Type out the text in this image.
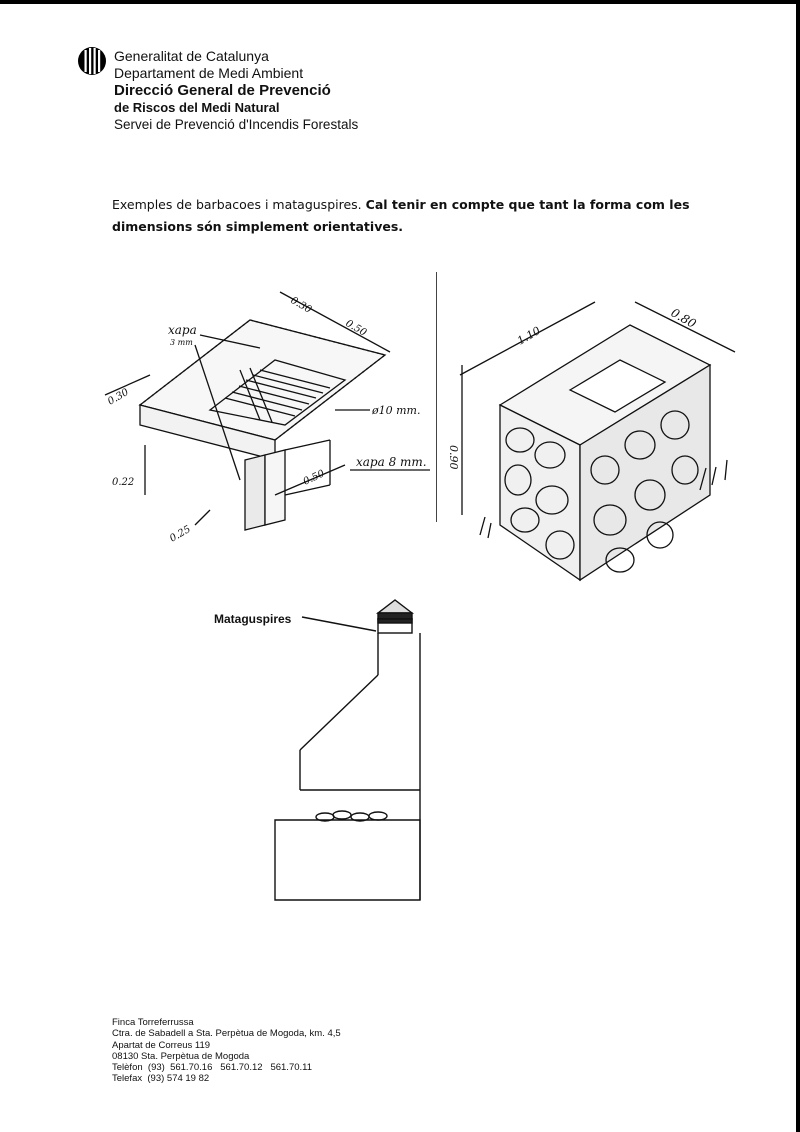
Generalitat de Catalunya
Departament de Medi Ambient
Direcció General de Prevenció
de Riscos del Medi Natural
Servei de Prevenció d'Incendis Forestals
Exemples de barbacoes i mataguspires. Cal tenir en compte que tant la forma com les dimensions són simplement orientatives.
xapa
3 mm
ø10 mm.
xapa 8 mm.
0.30
0.50
0.30
0.22	0.50
0.25
1.10
0.80
0.90
Mataguspires
Finca Torreferrussa
Ctra. de Sabadell a Sta. Perpètua de Mogoda, km. 4,5
Apartat de Correus 119
08130 Sta. Perpètua de Mogoda
Telèfon  (93)  561.70.16   561.70.12   561.70.11
Telefax  (93) 574 19 82
